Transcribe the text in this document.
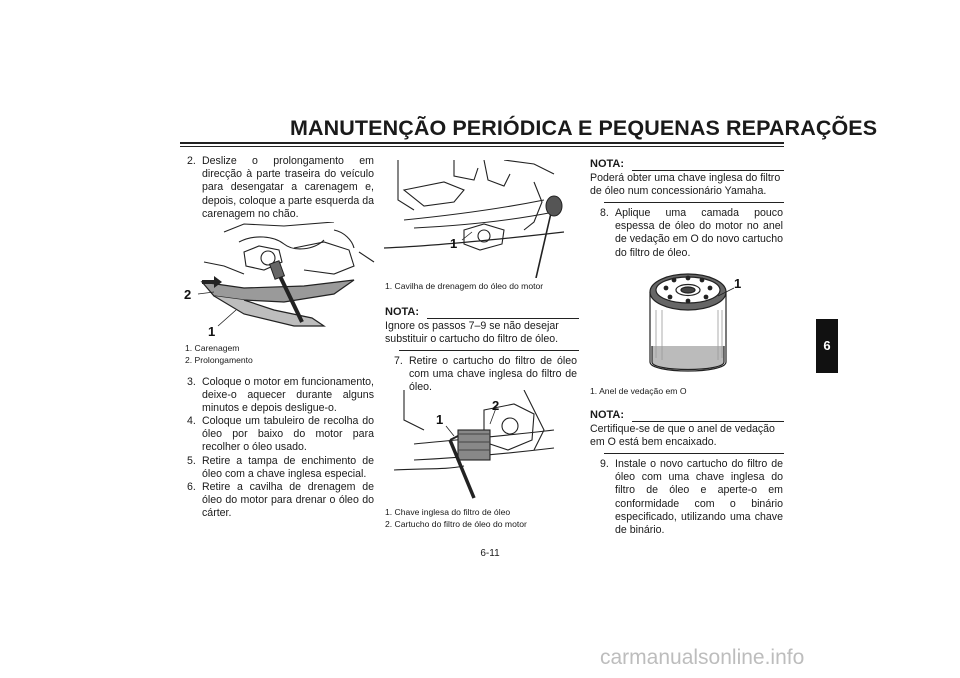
MANUTENÇÃO PERIÓDICA E PEQUENAS REPARAÇÕES
6
2. Deslize o prolongamento em direcção à parte traseira do veículo para desengatar a carenagem e, depois, coloque a parte esquerda da carenagem no chão.
2
1
1. Carenagem
2. Prolongamento
3. Coloque o motor em funcionamento, deixe-o aquecer durante alguns minutos e depois desligue-o.
4. Coloque um tabuleiro de recolha do óleo por baixo do motor para recolher o óleo usado.
5. Retire a tampa de enchimento de óleo com a chave inglesa especial.
6. Retire a cavilha de drenagem de óleo do motor para drenar o óleo do cárter.
1
1. Cavilha de drenagem do óleo do motor
NOTA:
Ignore os passos 7–9 se não desejar substituir o cartucho do filtro de óleo.
7. Retire o cartucho do filtro de óleo com uma chave inglesa do filtro de óleo.
1
2
1. Chave inglesa do filtro de óleo
2. Cartucho do filtro de óleo do motor
NOTA:
Poderá obter uma chave inglesa do filtro de óleo num concessionário Yamaha.
8. Aplique uma camada pouco espessa de óleo do motor no anel de vedação em O do novo cartucho do filtro de óleo.
1
1. Anel de vedação em O
NOTA:
Certifique-se de que o anel de vedação em O está bem encaixado.
9. Instale o novo cartucho do filtro de óleo com uma chave inglesa do filtro de óleo e aperte-o em conformidade com o binário especificado, utilizando uma chave de binário.
6-11
carmanualsonline.info
